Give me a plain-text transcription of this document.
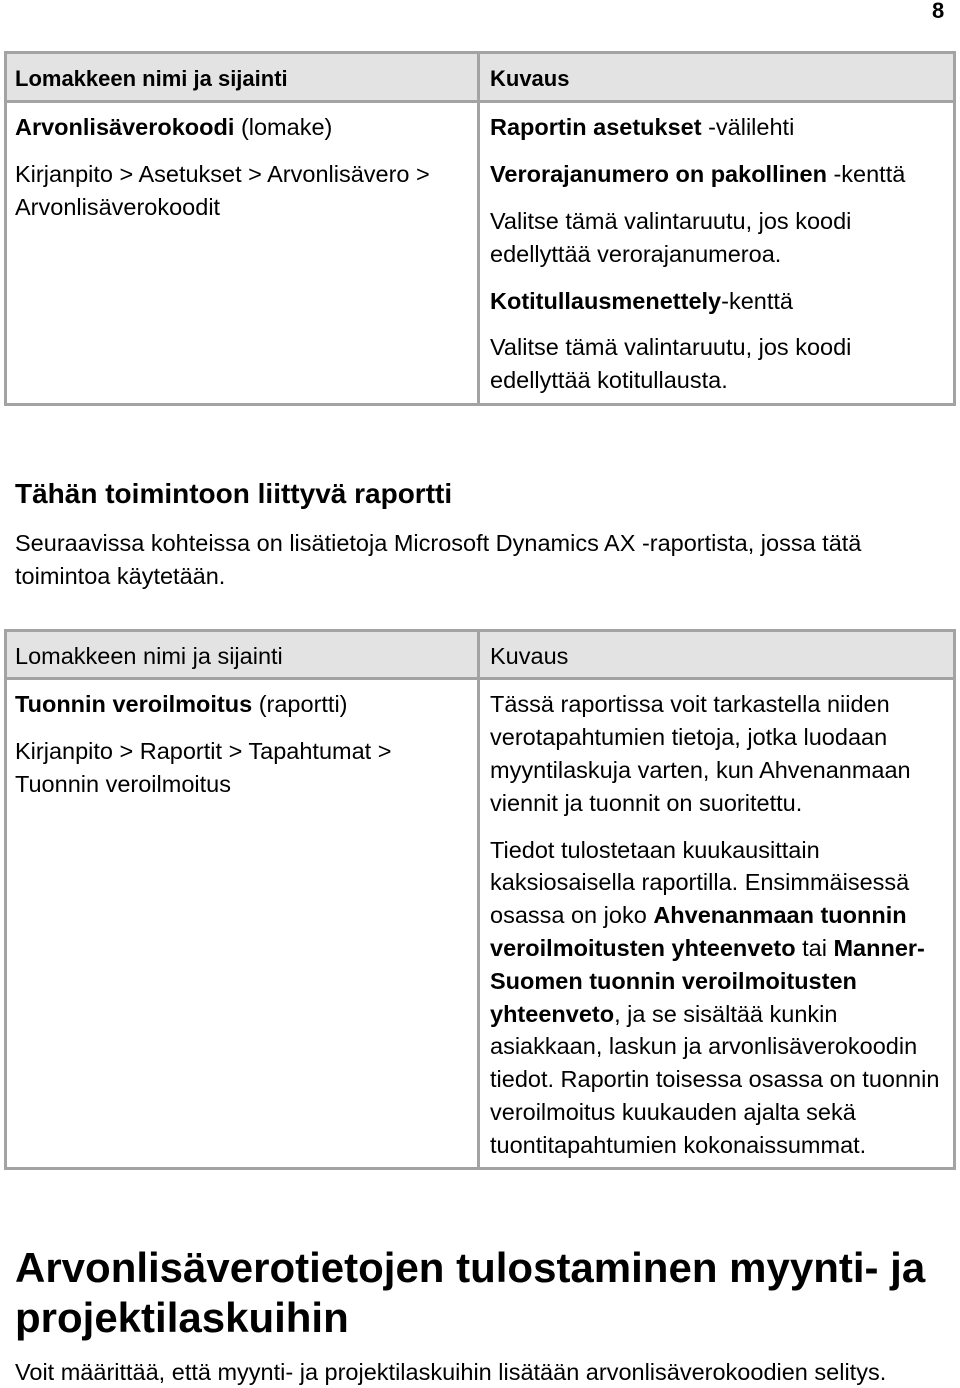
8
Lomakkeen nimi ja sijainti	Kuvaus
Arvonlisäverokoodi (lomake)
Kirjanpito > Asetukset > Arvonlisävero >
Arvonlisäverokoodit
Raportin asetukset -välilehti
Verorajanumero on pakollinen -kenttä
Valitse tämä valintaruutu, jos koodi
edellyttää verorajanumeroa.
Kotitullausmenettely-kenttä
Valitse tämä valintaruutu, jos koodi
edellyttää kotitullausta.
Tähän toimintoon liittyvä raportti
Seuraavissa kohteissa on lisätietoja Microsoft Dynamics AX -raportista, jossa tätä
toimintoa käytetään.
Lomakkeen nimi ja sijainti	Kuvaus
Tuonnin veroilmoitus (raportti)
Kirjanpito > Raportit > Tapahtumat >
Tuonnin veroilmoitus
Tässä raportissa voit tarkastella niiden
verotapahtumien tietoja, jotka luodaan
myyntilaskuja varten, kun Ahvenanmaan
viennit ja tuonnit on suoritettu.
Tiedot tulostetaan kuukausittain
kaksiosaisella raportilla. Ensimmäisessä
osassa on joko Ahvenanmaan tuonnin
veroilmoitusten yhteenveto tai Manner-
Suomen tuonnin veroilmoitusten
yhteenveto, ja se sisältää kunkin
asiakkaan, laskun ja arvonlisäverokoodin
tiedot. Raportin toisessa osassa on tuonnin
veroilmoitus kuukauden ajalta sekä
tuontitapahtumien kokonaissummat.
Arvonlisäverotietojen tulostaminen myynti- ja
projektilaskuihin
Voit määrittää, että myynti- ja projektilaskuihin lisätään arvonlisäverokoodien selitys.
